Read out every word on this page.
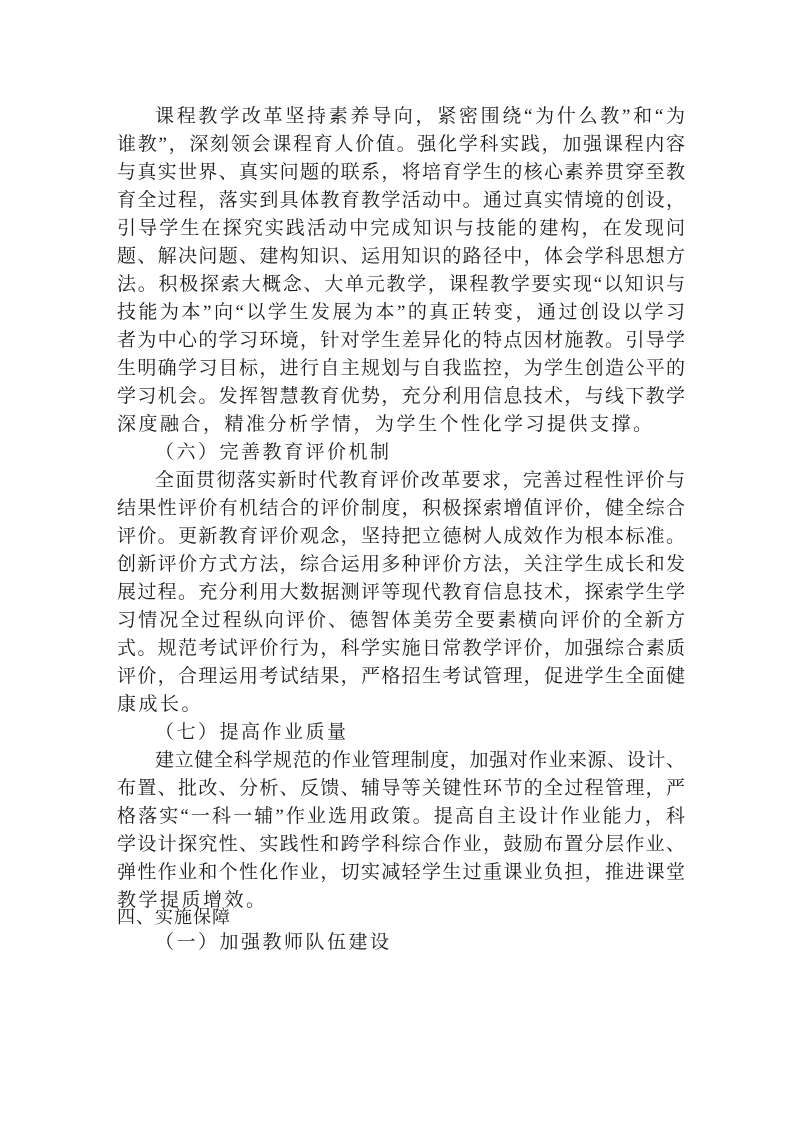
课程教学改革坚持素养导向，紧密围绕“为什么教”和“为
谁教”，深刻领会课程育人价值。强化学科实践，加强课程内容
与真实世界、真实问题的联系，将培育学生的核心素养贯穿至教
育全过程，落实到具体教育教学活动中。通过真实情境的创设，
引导学生在探究实践活动中完成知识与技能的建构，在发现问
题、解决问题、建构知识、运用知识的路径中，体会学科思想方
法。积极探索大概念、大单元教学，课程教学要实现“以知识与
技能为本”向“以学生发展为本”的真正转变，通过创设以学习
者为中心的学习环境，针对学生差异化的特点因材施教。引导学
生明确学习目标，进行自主规划与自我监控，为学生创造公平的
学习机会。发挥智慧教育优势，充分利用信息技术，与线下教学
深度融合，精准分析学情，为学生个性化学习提供支撑。
（六）完善教育评价机制
全面贯彻落实新时代教育评价改革要求，完善过程性评价与
结果性评价有机结合的评价制度，积极探索增值评价，健全综合
评价。更新教育评价观念，坚持把立德树人成效作为根本标准。
创新评价方式方法，综合运用多种评价方法，关注学生成长和发
展过程。充分利用大数据测评等现代教育信息技术，探索学生学
习情况全过程纵向评价、德智体美劳全要素横向评价的全新方
式。规范考试评价行为，科学实施日常教学评价，加强综合素质
评价，合理运用考试结果，严格招生考试管理，促进学生全面健
康成长。
（七）提高作业质量
建立健全科学规范的作业管理制度，加强对作业来源、设计、
布置、批改、分析、反馈、辅导等关键性环节的全过程管理，严
格落实“一科一辅”作业选用政策。提高自主设计作业能力，科
学设计探究性、实践性和跨学科综合作业，鼓励布置分层作业、
弹性作业和个性化作业，切实减轻学生过重课业负担，推进课堂
教学提质增效。
四、实施保障
（一）加强教师队伍建设
